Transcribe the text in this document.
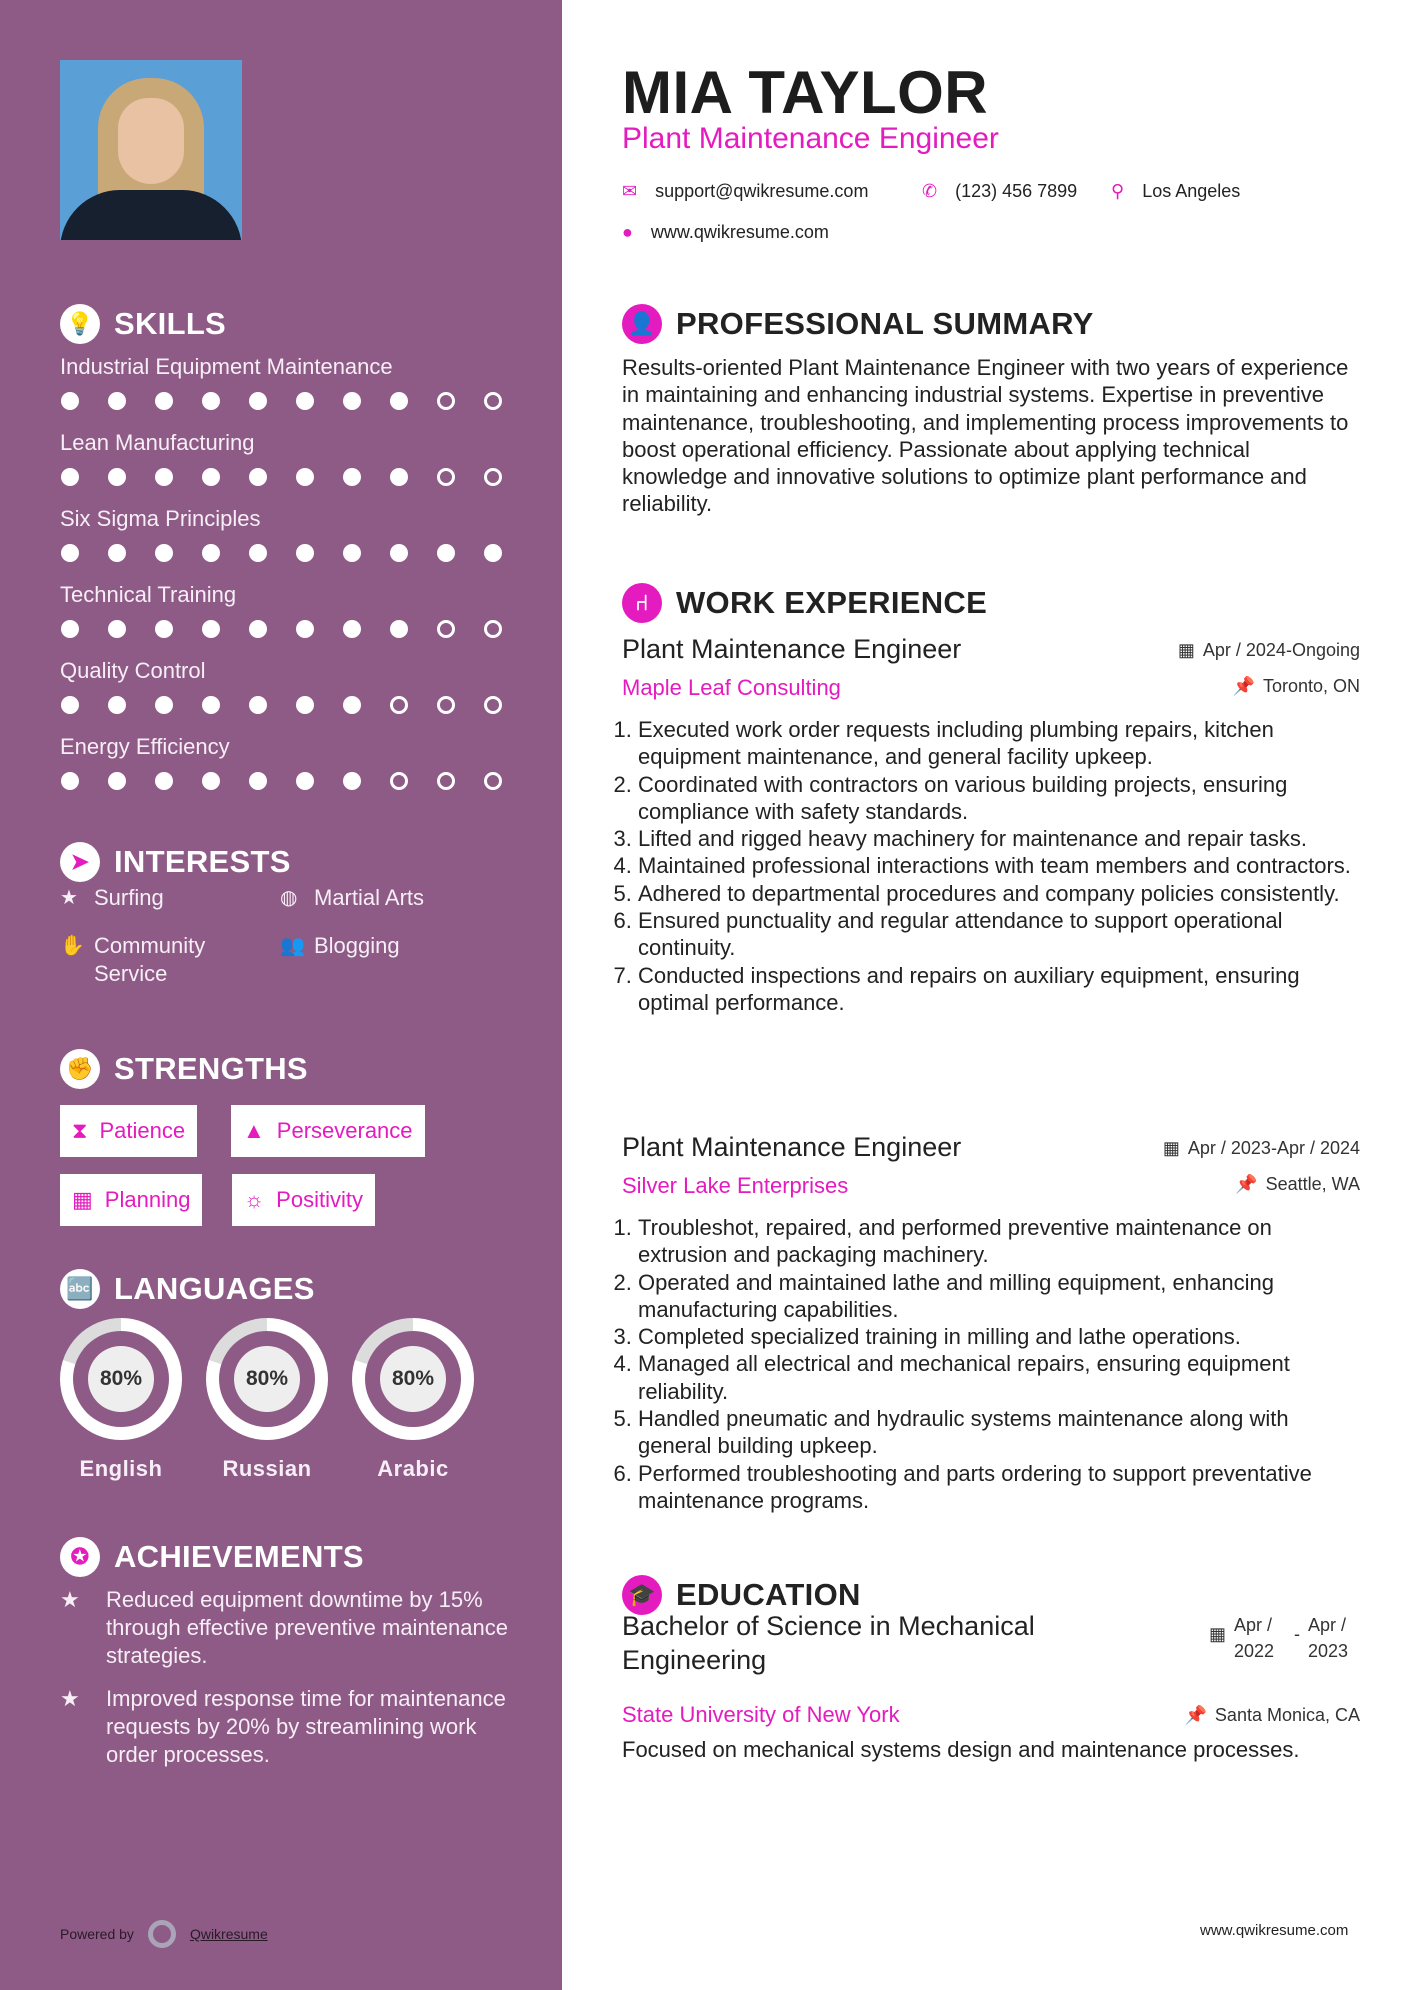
💡 SKILLS
Industrial Equipment Maintenance
Lean Manufacturing
Six Sigma Principles
Technical Training
Quality Control
Energy Efficiency
➤ INTERESTS
★ Surfing	◍ Martial Arts
✋ Community Service
👥 Blogging
✊ STRENGTHS
⧗ Patience	▲ Perseverance
▦ Planning ☼ Positivity
🔤 LANGUAGES
80%
English
80%
Russian
80%
Arabic
✪ ACHIEVEMENTS
★	Reduced equipment downtime by 15% through effective preventive maintenance strategies.
★	Improved response time for maintenance requests by 20% by streamlining work order processes.
Powered by	Qwikresume
MIA TAYLOR
Plant Maintenance Engineer
✉ support@qwikresume.com	✆ (123) 456 7899 ⚲ Los Angeles
● www.qwikresume.com
👤 PROFESSIONAL SUMMARY
Results-oriented Plant Maintenance Engineer with two years of experience in maintaining and enhancing industrial systems. Expertise in preventive maintenance, troubleshooting, and implementing process improvements to boost operational efficiency. Passionate about applying technical knowledge and innovative solutions to optimize plant performance and reliability.
⑁ WORK EXPERIENCE
Plant Maintenance Engineer	▦ Apr / 2024-Ongoing
Maple Leaf Consulting	📌 Toronto, ON
1. Executed work order requests including plumbing repairs, kitchen equipment maintenance, and general facility upkeep.
2. Coordinated with contractors on various building projects, ensuring compliance with safety standards.
3. Lifted and rigged heavy machinery for maintenance and repair tasks.
4. Maintained professional interactions with team members and contractors.
5. Adhered to departmental procedures and company policies consistently.
6. Ensured punctuality and regular attendance to support operational continuity.
7. Conducted inspections and repairs on auxiliary equipment, ensuring optimal performance.
Plant Maintenance Engineer	▦ Apr / 2023-Apr / 2024
Silver Lake Enterprises	📌 Seattle, WA
1. Troubleshot, repaired, and performed preventive maintenance on extrusion and packaging machinery.
2. Operated and maintained lathe and milling equipment, enhancing manufacturing capabilities.
3. Completed specialized training in milling and lathe operations.
4. Managed all electrical and mechanical repairs, ensuring equipment reliability.
5. Handled pneumatic and hydraulic systems maintenance along with general building upkeep.
6. Performed troubleshooting and parts ordering to support preventative maintenance programs.
🎓 EDUCATION
Bachelor of Science in Mechanical Engineering
▦ Apr / 2022
- Apr / 2023
State University of New York	📌 Santa Monica, CA
Focused on mechanical systems design and maintenance processes.
www.qwikresume.com
